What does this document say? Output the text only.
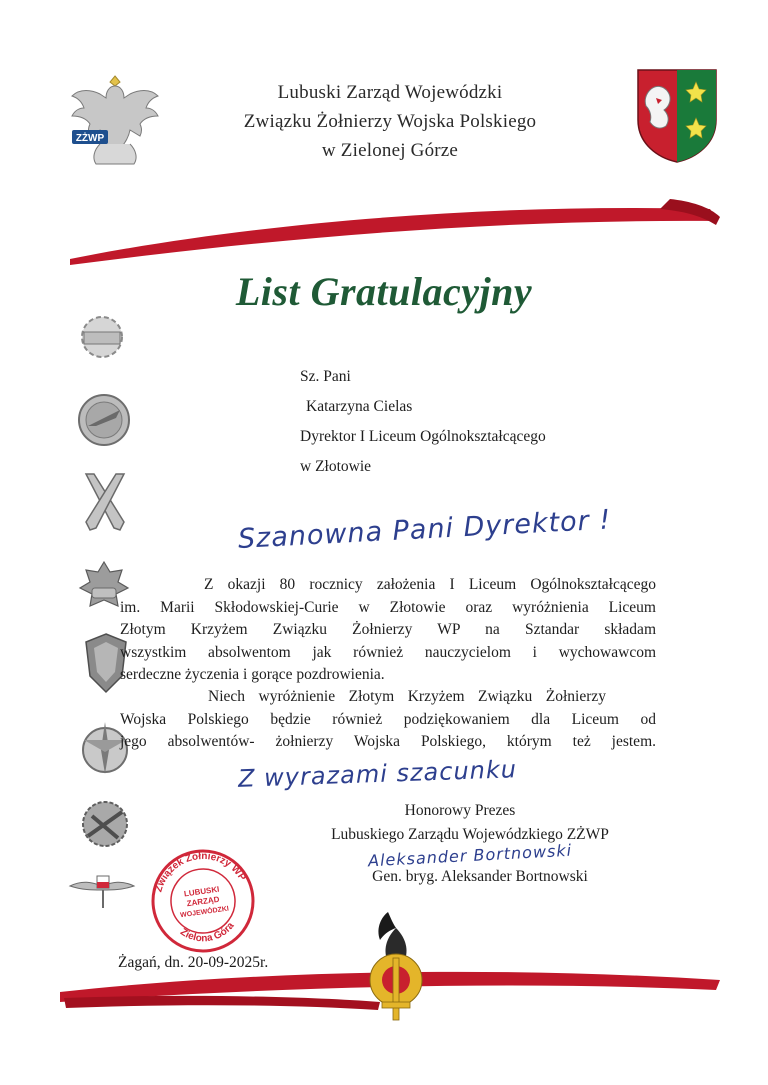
ZŻWP
Lubuski Zarząd Wojewódzki
Związku Żołnierzy Wojska Polskiego
w Zielonej Górze
List Gratulacyjny
Sz. Pani
Katarzyna Cielas
Dyrektor I Liceum Ogólnokształcącego
w Złotowie
Szanowna Pani Dyrektor !
Z okazji 80 rocznicy założenia I Liceum Ogólnokształcącego
im. Marii Skłodowskiej-Curie w Złotowie oraz wyróżnienia Liceum
Złotym Krzyżem Związku Żołnierzy WP na Sztandar składam
wszystkim absolwentom jak również nauczycielom i wychowawcom
serdeczne życzenia i gorące pozdrowienia.
Niech wyróżnienie Złotym Krzyżem Związku Żołnierzy
Wojska Polskiego będzie również podziękowaniem dla Liceum od
jego absolwentów- żołnierzy Wojska Polskiego, którym też jestem.
Z wyrazami szacunku
Honorowy Prezes
Lubuskiego Zarządu Wojewódzkiego ZŻWP
Aleksander Bortnowski
Gen. bryg. Aleksander Bortnowski
Związek Żołnierzy WP
Zielona Góra
LUBUSKI
ZARZĄD
WOJEWÓDZKI
Żagań, dn. 20-09-2025r.
